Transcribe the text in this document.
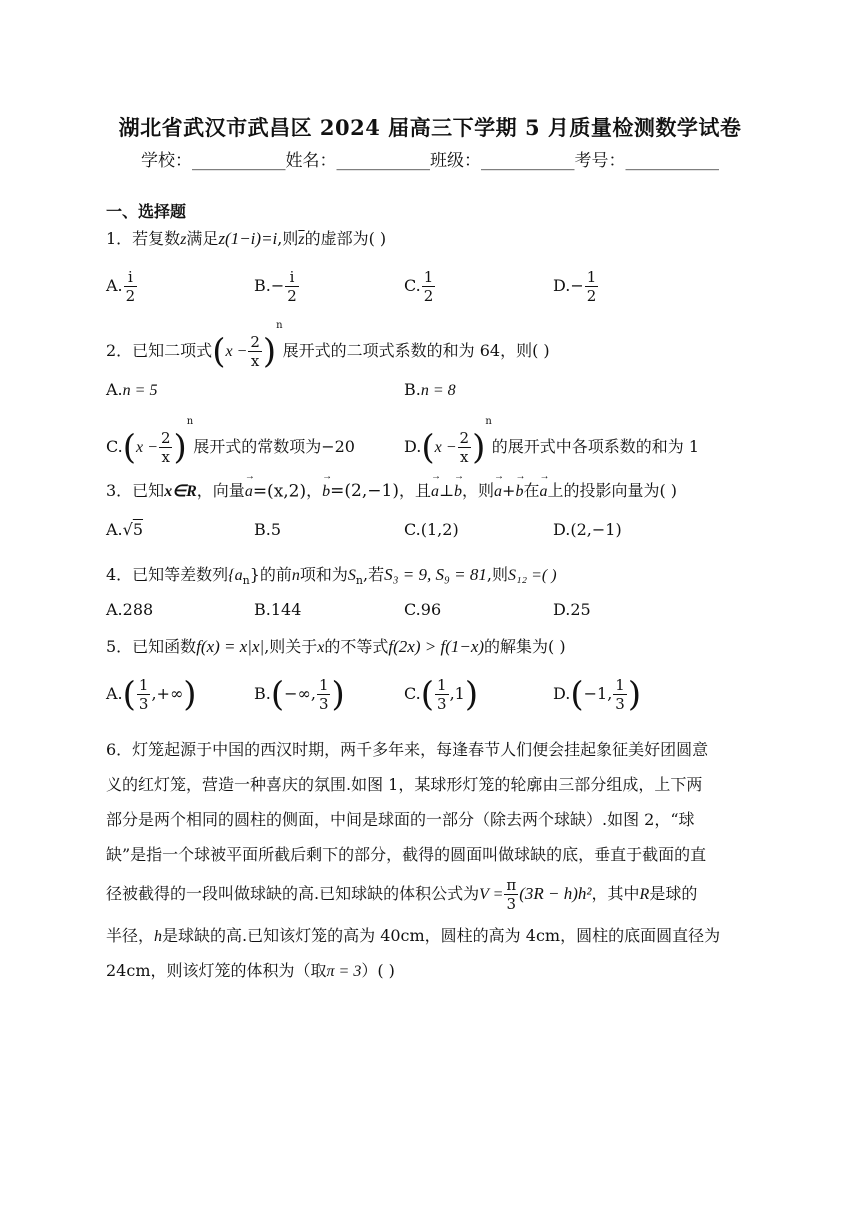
湖北省武汉市武昌区 2024 届高三下学期 5 月质量检测数学试卷
学校：___________姓名：___________班级：___________考号：___________
一、选择题
1．若复数z满足z(1−i)=i,则$\overline{z}$的虚部为( )
A. $\frac{i}{2}$	$B.- \frac{i}{2}$	C. $\frac{1}{2}$	$D.- \frac{1}{2}$
2．已知二项式$(x - \frac{2}{x} )^n$展开式的二项式系数的和为 64，则( )
A.n = 5	B.n = 8
$C.(x - \frac{2}{x} )^n$展开式的常数项为−20	$D.(x - \frac{2}{x} )^n$的展开式中各项系数的和为 1
3．已知x∈R，向量→ a=(x,2)，→ b=(2,−1)，且→ a⊥→ b，则→ a+→ b在→ a上的投影向量为( )
A.√5	B.5	C.(1,2)	D.(2,−1)
4．已知等差数列$\{a_n\}$的前n项和为$S_n$,若S₃ = 9, S₉ = 81,则S₁₂ =( )
A.288	B.144	C.96	D.25
5．已知函数f(x) = x|x|,则关于x的不等式f(2x) > f(1−x)的解集为( )
$A.( \frac{1}{3}$ ,+∞)	B.(−∞, $\frac{1}{3}$ )	$C.( \frac{1}{3} ,1)$	D.(−1, $\frac{1}{3}$ )
6．灯笼起源于中国的西汉时期，两千多年来，每逢春节人们便会挂起象征美好团圆意
义的红灯笼，营造一种喜庆的氛围.如图 1，某球形灯笼的轮廓由三部分组成，上下两
部分是两个相同的圆柱的侧面，中间是球面的一部分（除去两个球缺）.如图 2，“球
缺”是指一个球被平面所截后剩下的部分，截得的圆面叫做球缺的底，垂直于截面的直
径被截得的一段叫做球缺的高.已知球缺的体积公式为$V = \frac{\pi}{3} (3R - h)h^2$，其中R是球的
半径，h是球缺的高.已知该灯笼的高为 40cm，圆柱的高为 4cm，圆柱的底面圆直径为
24cm，则该灯笼的体积为（取π = 3）( )
